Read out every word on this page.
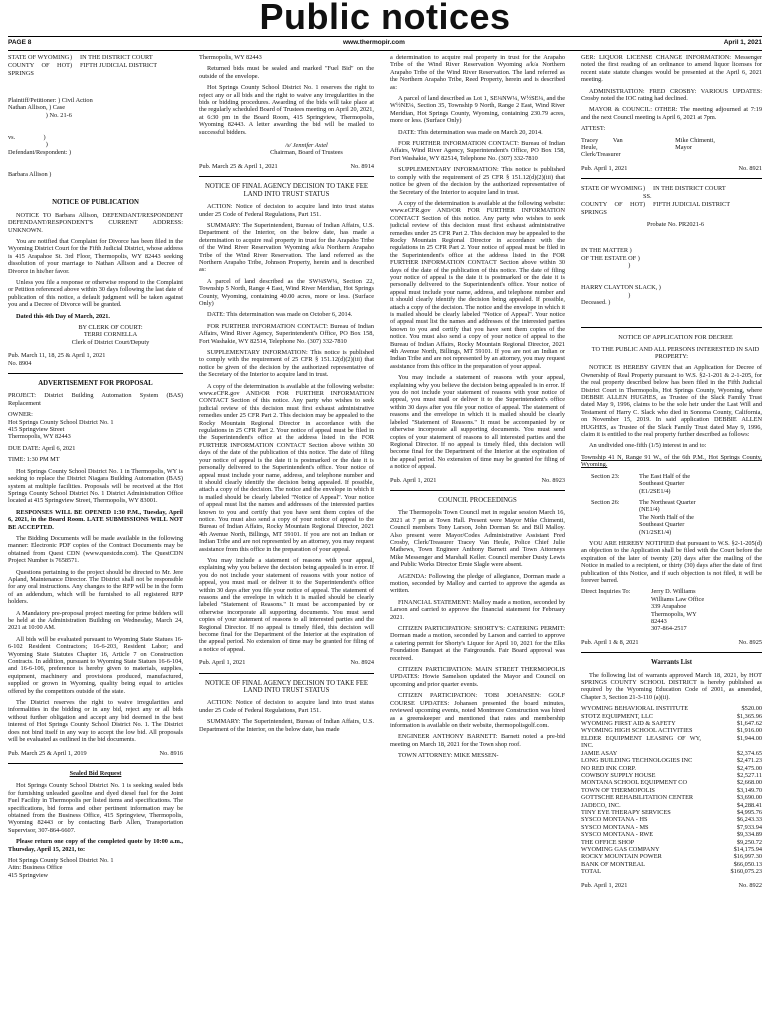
Public notices
PAGE 8	www.thermopir.com	April 1, 2021
STATE OF WYOMING )	IN THE DISTRICT COURT
COUNTY OF HOT SPRINGS
)	FIFTH JUDICIAL DISTRICT

Plaintiff/Petitioner: ) Civil Action
Nathan Allison, ) Case
) No. 21-6

vs.                  )
)
Defendant/Respondent: )

Barbara Allison )

NOTICE OF PUBLICATION

NOTICE TO Barbara Allison, DEFENDANT/RESPONDENT DEFENDANT/RESPONDENT'S CURRENT ADDRESS: UNKNOWN.

You are notified that Complaint for Divorce has been filed in the Wyoming District Court for the Fifth Judicial District, whose address is 415 Arapahoe St. 3rd Floor, Thermopolis, WY 82443 seeking dissolution of your marriage to Nathan Allison and a Decree of Divorce in his/her favor.

Unless you file a response or otherwise respond to the Complaint or Petition referenced above within 30 days following the last date of publication of this notice, a default judgment will be taken against you and a Decree of Divorce will be granted.

Dated this 4th Day of March, 2021.

BY CLERK OF COURT:
TERRI CORNELLA
Clerk of District Court/Deputy
Pub. March 11, 18, 25 & April 1, 2021
No. 8904
ADVERTISEMENT FOR PROPOSAL

PROJECT: District Building Automation System (BAS) Replacement

OWNER:
Hot Springs County School District No. 1
415 Springview Street
Thermopolis, WY 82443

DUE DATE: April 6, 2021

TIME: 1:30 PM MT

Hot Springs County School District No. 1 in Thermopolis, WY is seeking to replace the District Niagara Building Automation (BAS) system at multiple facilities. Proposals will be received at the Hot Springs County School District No. 1 District Administration Office located at 415 Springview Street, Thermopolis, WY 83001.

RESPONSES WILL BE OPENED 1:30 P.M., Tuesday, April 6, 2021, in the Board Room. LATE SUBMISSIONS WILL NOT BE ACCEPTED.

The Bidding Documents will be made available in the following manner: Electronic PDF copies of the Contract Documents may be obtained from Quest CDN (www.questcdn.com). The QuestCDN Project Number is 7658571.

Questions pertaining to the project should be directed to Mr. Jere Apland, Maintenance Director. The District shall not be responsible for any oral instructions. Any changes to the RFP will be in the form of an addendum, which will be furnished to all registered RFP holders.

A Mandatory pre-proposal project meeting for prime bidders will be held at the Administration Building on Wednesday, March 24, 2021 at 10:00 AM.

All bids will be evaluated pursuant to Wyoming State Statues 16-6-102 Resident Contractors; 16-6-203, Resident Labor; and Wyoming State Statutes Chapter 16, Article 7 on Construction Contracts. In addition, pursuant to Wyoming State Statues 16-6-104, and 16-6-106, preference is hereby given to materials, supplies, equipment, machinery and provisions produced, manufactured, supplied or grown in Wyoming, quality being equal to articles offered by the competitors outside of the state.

The District reserves the right to waive irregularities and informalities in the bidding or in any bid, reject any or all bids without further obligation and accept any bid deemed in the best interest of Hot Springs County School District No. 1. The District does not bind itself in any way to accept the low bid. All proposals will be evaluated as outlined in the bid documents.

Pub. March 25 & April 1, 2019	No. 8916
Sealed Bid Request

Hot Springs County School District No. 1 is seeking sealed bids for furnishing unleaded gasoline and dyed diesel fuel for the Joint Fuel Facility in Thermopolis per listed items and specifications. The specifications, bid forms and other pertinent information may be obtained from the Business Office, 415 Springview, Thermopolis, Wyoming 82443 or by contacting Barb Allen, Transportation Supervisor, 307-864-6607.

Please return one copy of the completed quote by 10:00 a.m., Thursday, April 15, 2021, to:

Hot Springs County School District No. 1
Attn: Business Office
415 Springview

Thermopolis, WY 82443

Returned bids must be sealed and marked "Fuel Bid" on the outside of the envelope.

Hot Springs County School District No. 1 reserves the right to reject any or all bids and the right to waive any irregularities in the bids or bidding procedures. Awarding of the bids will take place at the regularly scheduled Board of Trustees meeting on April 20, 2021, at 6:30 pm in the Board Room, 415 Springview, Thermopolis, Wyoming 82443. A letter awarding the bid will be mailed to successful bidders.

/s/ Jennifer Axtel
Chairman, Board of Trustees
Pub. March 25 & April 1, 2021	No. 8914
NOTICE OF FINAL AGENCY DECISION TO TAKE FEE LAND INTO TRUST STATUS

ACTION: Notice of decision to acquire land into trust status under 25 Code of Federal Regulations, Part 151.

SUMMARY: The Superintendent, Bureau of Indian Affairs, U.S. Department of the Interior, on the below date, has made a determination to acquire real property in trust for the Arapaho Tribe of the Wind River Reservation Wyoming a/k/a Northern Arapaho Tribe of the Wind River Reservation. The land referred as the Northern Arapaho Tribe, Johnson Property, herein and is described as:

A parcel of land described as the SW¼SW¼, Section 22, Township 5 North, Range 4 East, Wind River Meridian, Hot Springs County, Wyoming, containing 40.00 acres, more or less. (Surface Only)

DATE: This determination was made on October 6, 2014.

FOR FURTHER INFORMATION CONTACT: Bureau of Indian Affairs, Wind River Agency, Superintendent's Office, PO Box 158, Fort Washakie, WY 82514, Telephone No. (307) 332-7810

SUPPLEMENTARY INFORMATION: This notice is published to comply with the requirement of 25 CFR § 151.12(d)(2)(iii) that notice be given of the decision by the authorized representative of the Secretary of the Interior to acquire land in trust.

A copy of the determination is available at the following website: www.eCFR.gov AND/OR FOR FURTHER INFORMATION CONTACT Section of this notice. Any party who wishes to seek judicial review of this decision must first exhaust administrative remedies under 25 CFR Part 2. This decision may be appealed to the Rocky Mountain Regional Director in accordance with the regulations in 25 CFR Part 2. Your notice of appeal must be filed in the Superintendent's office at the address listed in the FOR FURTHER INFORMATION CONTACT Section above within 30 days of the date of the publication of this notice. The date of filing your notice of appeal is the date it is postmarked or the date it is personally delivered to the Superintendent's office. Your notice of appeal must include your name, address, and telephone number and it should clearly identify the decision being appealed. If possible, attach a copy of the decision. The notice and the envelope in which it is mailed should be clearly labeled "Notice of Appeal". Your notice of appeal must list the names and addresses of the interested parties known to you and certify that you have sent them copies of the notice. You must also send a copy of your notice of appeal to the Bureau of Indian Affairs, Rocky Mountain Regional Director, 2021 4th Avenue North, Billings, MT 59101. If you are not an Indian or Indian Tribe and are not represented by an attorney, you may request assistance from this office in the preparation of your appeal.

You may include a statement of reasons with your appeal, explaining why you believe the decision being appealed is in error. If you do not include your statement of reasons with your notice of appeal, you must mail or deliver it to the Superintendent's office within 30 days after you file your notice of appeal. The statement of reasons and the envelope in which it is mailed should be clearly labeled "Statement of Reasons." It must be accompanied by or otherwise incorporate all supporting documents. You must send copies of your statement of reasons to all interested parties and the Regional Director. If no appeal is timely filed, this decision will become final for the Department of the Interior at the expiration of the appeal period. No extension of time may be granted for filing of a notice of appeal.

Pub. April 1, 2021	No. 8924
NOTICE OF FINAL AGENCY DECISION TO TAKE FEE LAND INTO TRUST STATUS

ACTION: Notice of decision to acquire land into trust status under 25 Code of Federal Regulations, Part 151.

SUMMARY: The Superintendent, Bureau of Indian Affairs, U.S. Department of the Interior, on the below date, has made

a determination to acquire real property in trust for the Arapaho Tribe of the Wind River Reservation Wyoming a/k/a Northern Arapaho Tribe of the Wind River Reservation. The land referred as the Northern Arapaho Tribe, Reed Property, herein and is described as:

A parcel of land described as Lot 1, SE¼NW¼, W½SE¼, and the W½NE¼, Section 35, Township 9 North, Range 2 East, Wind River Meridian, Hot Springs County, Wyoming, containing 230.79 acres, more or less. (Surface Only)

DATE: This determination was made on March 20, 2014.

FOR FURTHER INFORMATION CONTACT: Bureau of Indian Affairs, Wind River Agency, Superintendent's Office, PO Box 158, Fort Washakie, WY 82514, Telephone No. (307) 332-7810

SUPPLEMENTARY INFORMATION: This notice is published to comply with the requirement of 25 CFR § 151.12(d)(2)(iii) that notice be given of the decision by the authorized representative of the Secretary of the Interior to acquire land in trust.

A copy of the determination is available at the following website: www.eCFR.gov AND/OR FOR FURTHER INFORMATION CONTACT Section of this notice. Any party who wishes to seek judicial review of this decision must first exhaust administrative remedies under 25 CFR Part 2. This decision may be appealed to the Rocky Mountain Regional Director in accordance with the regulations in 25 CFR Part 2. Your notice of appeal must be filed in the Superintendent's office at the address listed in the FOR FURTHER INFORMATION CONTACT Section above within 30 days of the date of the publication of this notice. The date of filing your notice of appeal is the date it is postmarked or the date it is personally delivered to the Superintendent's office. Your notice of appeal must include your name, address, and telephone number and it should clearly identify the decision being appealed. If possible, attach a copy of the decision. The notice and the envelope in which it is mailed should be clearly labeled "Notice of Appeal". Your notice of appeal must list the names and addresses of the interested parties known to you and certify that you have sent them copies of the notice. You must also send a copy of your notice of appeal to the Bureau of Indian Affairs, Rocky Mountain Regional Director, 2021 4th Avenue North, Billings, MT 59101. If you are not an Indian or Indian Tribe and are not represented by an attorney, you may request assistance from this office in the preparation of your appeal.

You may include a statement of reasons with your appeal, explaining why you believe the decision being appealed is in error. If you do not include your statement of reasons with your notice of appeal, you must mail or deliver it to the Superintendent's office within 30 days after you file your notice of appeal. The statement of reasons and the envelope in which it is mailed should be clearly labeled "Statement of Reasons." It must be accompanied by or otherwise incorporate all supporting documents. You must send copies of your statement of reasons to all interested parties and the Regional Director. If no appeal is timely filed, this decision will become final for the Department of the Interior at the expiration of the appeal period. No extension of time may be granted for filing of a notice of appeal.

Pub. April 1, 2021	No. 8923
COUNCIL PROCEEDINGS

The Thermopolis Town Council met in regular session March 16, 2021 at 7 pm at Town Hall. Present were Mayor Mike Chimenti, Council members Tony Larson, John Dorman Sr. and Bill Malloy. Also present were Mayor/Codes Administrative Assistant Fred Crosby, Clerk/Treasurer Tracey Van Heule, Police Chief Julie Mathews, Town Engineer Anthony Barnett and Town Attorneys Mike Messenger and Marshall Keller. Council member Dusty Lewis and Public Works Director Ernie Slagle were absent.

AGENDA: Following the pledge of allegiance, Dorman made a motion, seconded by Malloy and carried to approve the agenda as written.

FINANCIAL STATEMENT: Malloy made a motion, seconded by Larson and carried to approve the financial statement for February 2021.

CITIZEN PARTICIPATION: SHORTY'S: CATERING PERMIT: Dorman made a motion, seconded by Larson and carried to approve a catering permit for Shorty's Liquor for April 10, 2021 for the Elks Foundation Banquet at the Fairgrounds. Fair Board approval was received.

CITIZEN PARTICIPATION: MAIN STREET THERMOPOLIS UPDATES: Howie Samelson updated the Mayor and Council on upcoming and prior quarter events.

CITIZEN PARTICIPATION: TOBI JOHANSEN: GOLF COURSE UPDATES: Johansen presented the board minutes, reviewed upcoming events, noted Montmore Construction was hired as a greenskeeper and mentioned that rates and membership information is available on their website, thermopolisgolf.com.

ENGINEER ANTHONY BARNETT: Barnett noted a pre-bid meeting on March 18, 2021 for the Town shop roof.

TOWN ATTORNEY: MIKE MESSEN-

GER: LIQUOR LICENSE CHANGE INFORMATION: Messenger noted the first reading of an ordinance to amend liquor licenses for recent state statute changes would be presented at the April 6, 2021 meeting.

ADMINISTRATION: FRED CROSBY: VARIOUS UPDATES: Crosby noted the IOC rating had declined.

MAYOR & COUNCIL: OTHER: The meeting adjourned at 7:19 and the next Council meeting is April 6, 2021 at 7pm.

ATTEST:

Tracey Van Heule,
Clerk/Treasurer
Mike Chimenti,
Mayor
Pub. April 1, 2021	No. 8921
STATE OF WYOMING ) SS.
IN THE DISTRICT COURT
COUNTY OF HOT SPRINGS
)	FIFTH JUDICIAL DISTRICT

Probate No. PR2021-6

IN THE MATTER )
OF THE ESTATE OF )
)

HARRY CLAYTON SLACK, )
)
Deceased. )

NOTICE OF APPLICATION FOR DECREE

TO THE PUBLIC AND ALL PERSONS INTERESTED IN SAID PROPERTY:

NOTICE IS HEREBY GIVEN that an Application for Decree of Ownership of Real Property pursuant to W.S. §2-1-201 & 2-1-205, for the real property described below has been filed in the Fifth Judicial District Court in Thermopolis, Hot Springs County, Wyoming, where DEBBIE ALLEN HUGHES, as Trustee of the Slack Family Trust dated May 9, 1996, claims to be the sole heir under the Last Will and Testament of Harry C. Slack who died in Sonoma County, California, on November 15, 2019. In said application DEBBIE ALLEN HUGHES, as Trustee of the Slack Family Trust dated May 9, 1996, claim it is entitled to the real property further described as follows:

An undivided one-fifth (1/5) interest in and to:

Township 41 N, Range 91 W., of the 6th P.M., Hot Springs County, Wyoming.

Section 23:	The East Half of the
Southeast Quarter
(E1/2SE1/4)
Section 26:	The Northeast Quarter
(NE1/4)
The North Half of the
Southeast Quarter
(N1/2SE1/4)

YOU ARE HEREBY NOTIFIED that pursuant to W.S. §2-1-205(d) an objection to the Application shall be filed with the Court before the expiration of the later of twenty (20) days after the mailing of the Notice in mailed to a recipient, or thirty (30) days after the date of first publication of this Notice, and if such objection is not filed, it will be forever barred.

Direct Inquiries To:	Jerry D. Williams
Williams Law Office
339 Arapahoe
Thermopolis, WY
82443
307-864-2517
Pub. April 1 & 8, 2021	No. 8925
Warrants List

The following list of warrants approved March 18, 2021, by HOT SPRINGS COUNTY SCHOOL DISTRICT is hereby published as required by the Wyoming Education Code of 2001, as amended, Chapter 3, Section 21-3-110 (a)(ii).

WYOMING BEHAVIORAL INSTITUTE	$520.00
STOTZ EQUIPMENT, LLC	$1,365.96
WYOMING FIRST AID & SAFETY	$1,647.62
WYOMING HIGH SCHOOL ACTIVITIES	$1,916.00
ELDER EQUIPMENT LEASING OF WY, INC.
$1,944.00
JAMIE ASAY	$2,374.65
LONG BUILDING TECHNOLOGIES INC	$2,471.23
NO RED INK CORP.	$2,475.00
COWBOY SUPPLY HOUSE	$2,527.11
MONTANA SCHOOL EQUIPMENT CO	$2,668.00
TOWN OF THERMOPOLIS	$3,149.70
GOTTSCHE REHABILITATION CENTER	$3,690.00
JADECO, INC.	$4,288.41
TINY EYE THERAPY SERVICES	$4,995.76
SYSCO MONTANA - HS	$6,243.33
SYSCO MONTANA - MS	$7,933.94
SYSCO MONTANA - RWE	$9,334.89
THE OFFICE SHOP	$9,250.72
WYOMING GAS COMPANY	$14,175.94
ROCKY MOUNTAIN POWER	$16,997.30
BANK OF MONTREAL	$66,050.13
TOTAL	$160,075.23
Pub. April 1, 2021	No. 8922
